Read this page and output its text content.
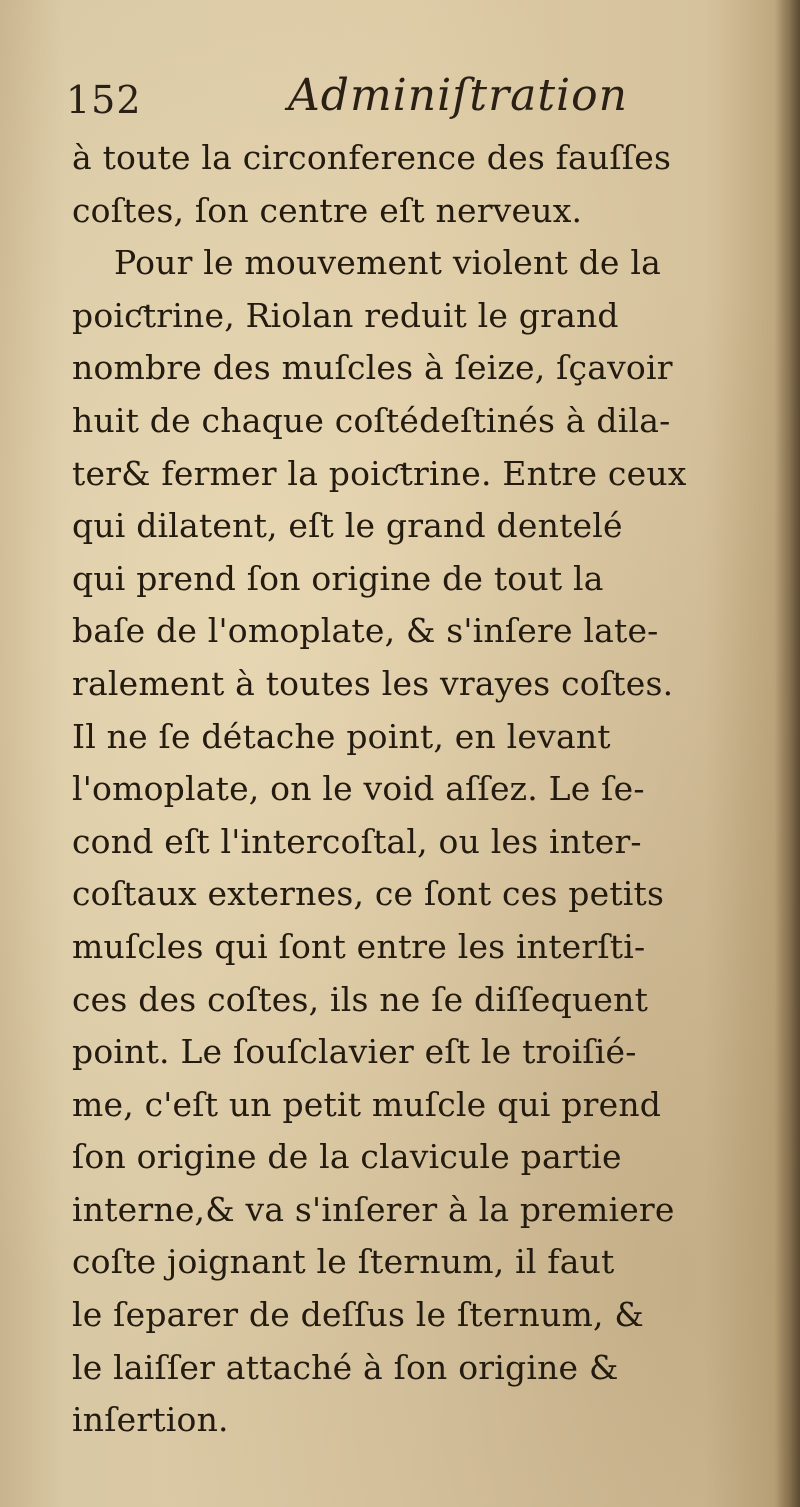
152	Adminiſtration
à toute la circonference des fauſſes
coſtes, ſon centre eſt nerveux.
Pour le mouvement violent de la
poiƈtrine, Riolan reduit le grand
nombre des muſcles à ſeize, ſçavoir
huit de chaque coſtédeſtinés à dila-
ter& fermer la poiƈtrine. Entre ceux
qui dilatent, eſt le grand dentelé
qui prend ſon origine de tout la
baſe de l'omoplate, & s'inſere late-
ralement à toutes les vrayes coſtes.
Il ne ſe détache point, en levant
l'omoplate, on le void aſſez. Le ſe-
cond eſt l'intercoſtal, ou les inter-
coſtaux externes, ce ſont ces petits
muſcles qui ſont entre les interſti-
ces des coſtes, ils ne ſe diſſequent
point. Le ſouſclavier eſt le troiſié-
me, c'eſt un petit muſcle qui prend
ſon origine de la clavicule partie
interne,& va s'inſerer à la premiere
coſte joignant le ſternum, il faut
le ſeparer de deſſus le ſternum, &
le laiſſer attaché à ſon origine &
inſertion.
